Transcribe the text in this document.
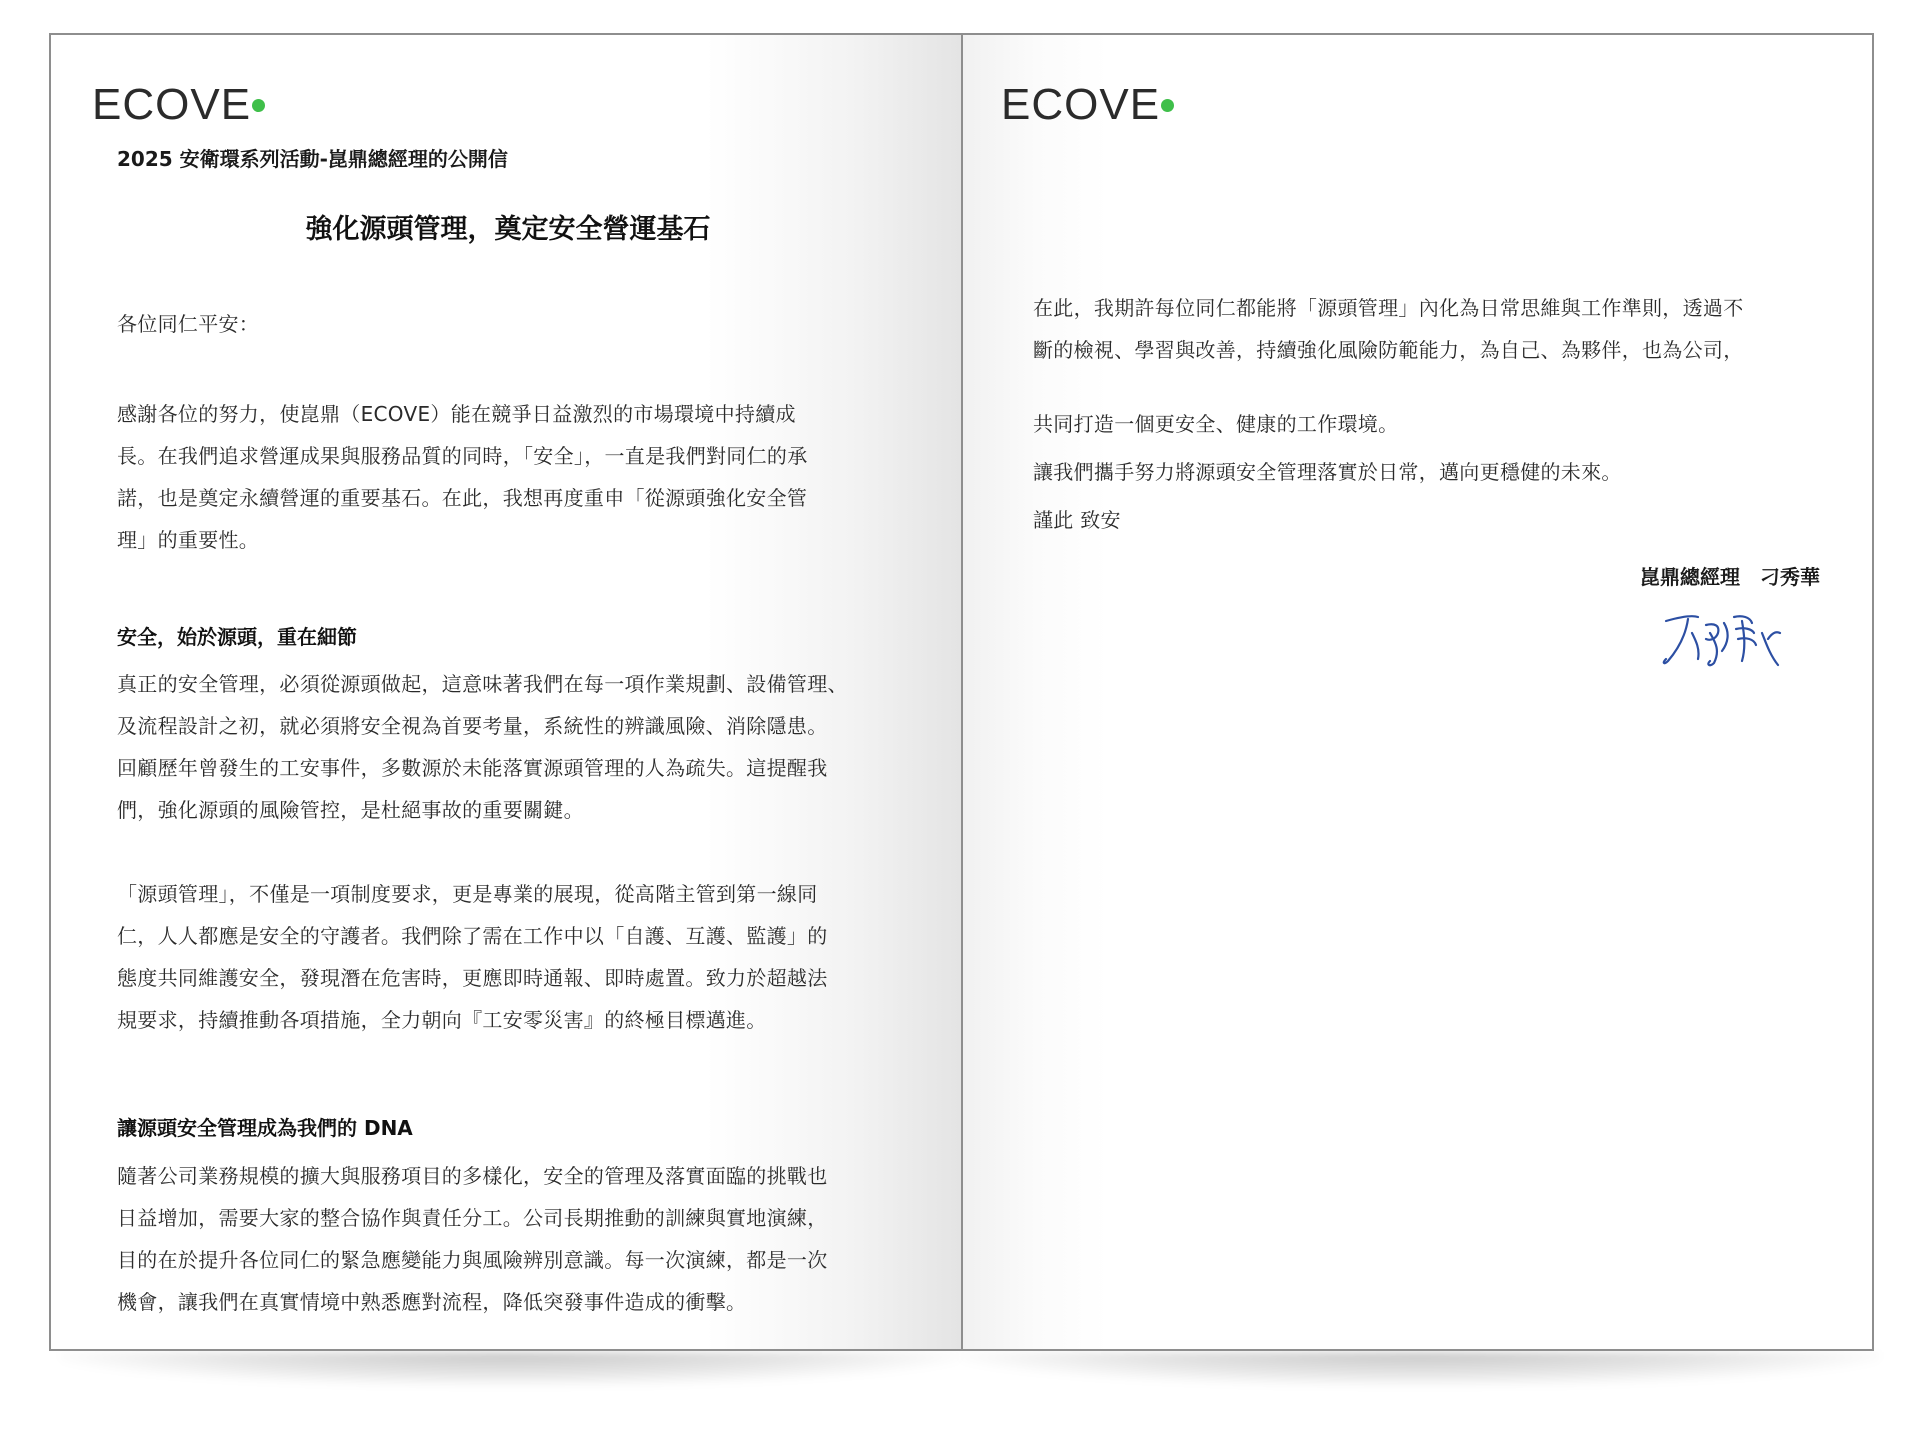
ECOVE
2025 安衛環系列活動-崑鼎總經理的公開信
強化源頭管理，奠定安全營運基石
各位同仁平安：
感謝各位的努力，使崑鼎（ECOVE）能在競爭日益激烈的市場環境中持續成
長。在我們追求營運成果與服務品質的同時，「安全」，一直是我們對同仁的承
諾，也是奠定永續營運的重要基石。在此，我想再度重申「從源頭強化安全管
理」的重要性。
安全，始於源頭，重在細節
真正的安全管理，必須從源頭做起，這意味著我們在每一項作業規劃、設備管理、
及流程設計之初，就必須將安全視為首要考量，系統性的辨識風險、消除隱患。
回顧歷年曾發生的工安事件，多數源於未能落實源頭管理的人為疏失。這提醒我
們，強化源頭的風險管控，是杜絕事故的重要關鍵。
「源頭管理」，不僅是一項制度要求，更是專業的展現，從高階主管到第一線同
仁，人人都應是安全的守護者。我們除了需在工作中以「自護、互護、監護」的
態度共同維護安全，發現潛在危害時，更應即時通報、即時處置。致力於超越法
規要求，持續推動各項措施，全力朝向『工安零災害』的終極目標邁進。
讓源頭安全管理成為我們的 DNA
隨著公司業務規模的擴大與服務項目的多樣化，安全的管理及落實面臨的挑戰也
日益增加，需要大家的整合協作與責任分工。公司長期推動的訓練與實地演練，
目的在於提升各位同仁的緊急應變能力與風險辨別意識。每一次演練，都是一次
機會，讓我們在真實情境中熟悉應對流程，降低突發事件造成的衝擊。
ECOVE
在此，我期許每位同仁都能將「源頭管理」內化為日常思維與工作準則，透過不
斷的檢視、學習與改善，持續強化風險防範能力，為自己、為夥伴，也為公司，
共同打造一個更安全、健康的工作環境。
讓我們攜手努力將源頭安全管理落實於日常，邁向更穩健的未來。
謹此 致安
崑鼎總經理　刁秀華
